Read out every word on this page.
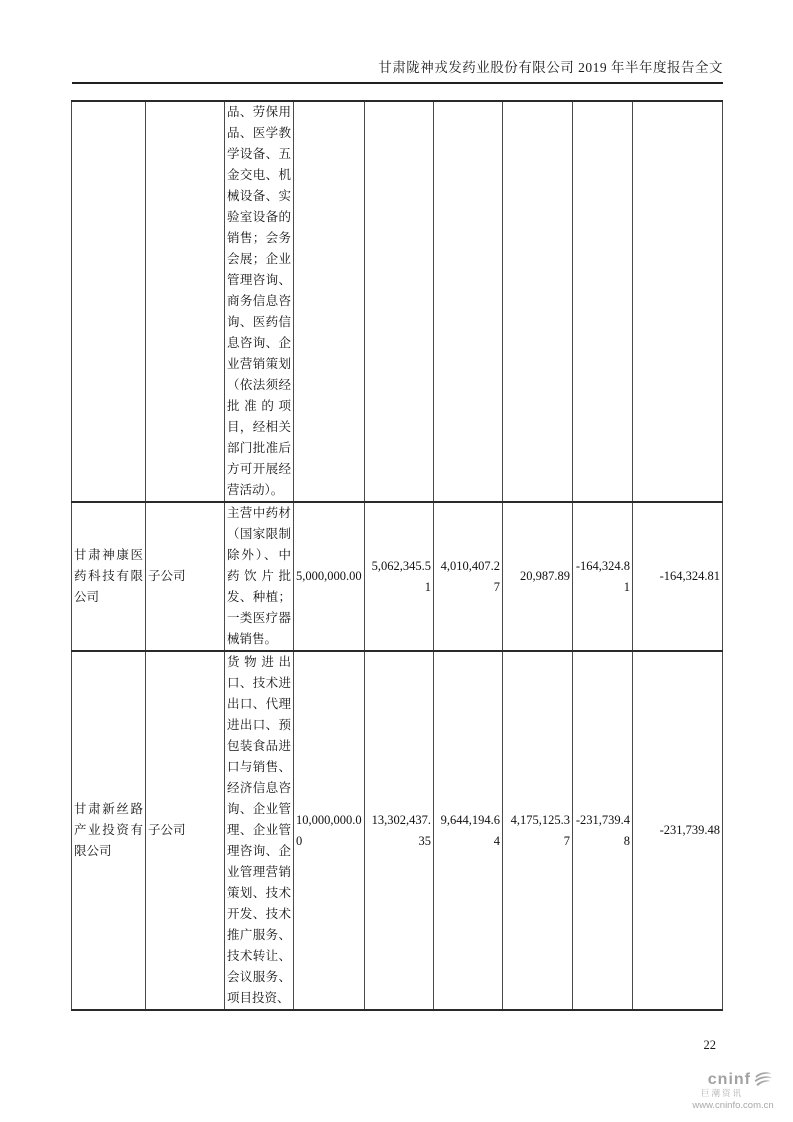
甘肃陇神戎发药业股份有限公司 2019 年半年度报告全文
		品、劳保用品、医学教学设备、五金交电、机械设备、实验室设备的销售；会务会展；企业管理咨询、商务信息咨询、医药信息咨询、企业营销策划（依法须经批准的项目，经相关部门批准后方可开展经营活动）。						
甘肃神康医药科技有限公司	子公司	主营中药材（国家限制除外）、中药饮片批发、种植；一类医疗器械销售。	5,000,000.00	5,062,345.51	4,010,407.27	20,987.89	-164,324.81	-164,324.81
甘肃新丝路产业投资有限公司	子公司	货物进出口、技术进出口、代理进出口、预包装食品进口与销售、经济信息咨询、企业管理、企业管理咨询、企业管理营销策划、技术开发、技术推广服务、技术转让、会议服务、项目投资、	10,000,000.00	13,302,437.35	9,644,194.64	4,175,125.37	-231,739.48	-231,739.48
22
cninf
巨潮资讯
www.cninfo.com.cn
